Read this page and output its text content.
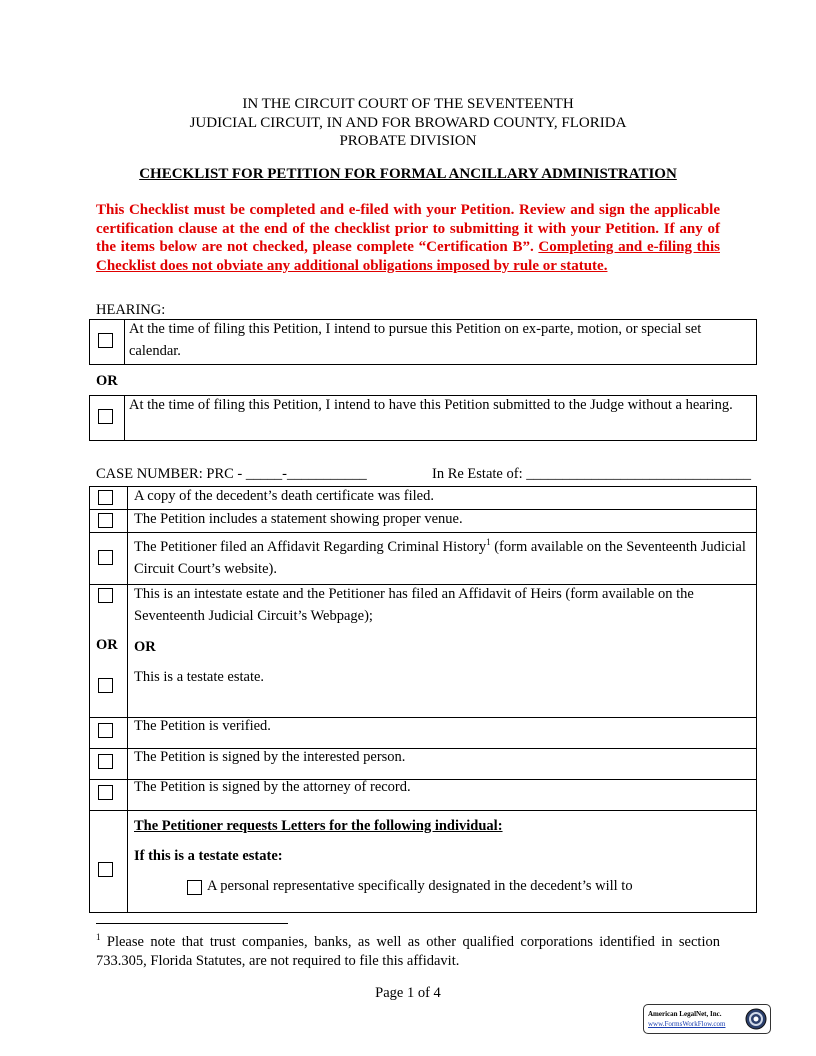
IN THE CIRCUIT COURT OF THE SEVENTEENTH
JUDICIAL CIRCUIT, IN AND FOR BROWARD COUNTY, FLORIDA
PROBATE DIVISION
CHECKLIST FOR PETITION FOR FORMAL ANCILLARY ADMINISTRATION
This Checklist must be completed and e-filed with your Petition. Review and sign the applicable certification clause at the end of the checklist prior to submitting it with your Petition. If any of the items below are not checked, please complete “Certification B”. Completing and e-filing this Checklist does not obviate any additional obligations imposed by rule or statute.
HEARING:
At the time of filing this Petition, I intend to pursue this Petition on ex-parte, motion, or special set calendar.
OR
At the time of filing this Petition, I intend to have this Petition submitted to the Judge without a hearing.
CASE NUMBER: PRC - _____-___________	In Re Estate of: _______________________________
A copy of the decedent’s death certificate was filed.
The Petition includes a statement showing proper venue.
The Petitioner filed an Affidavit Regarding Criminal History$^1$ (form available on the Seventeenth Judicial Circuit Court’s website).
This is an intestate estate and the Petitioner has filed an Affidavit of Heirs (form available on the Seventeenth Judicial Circuit’s Webpage);
OR OR
This is a testate estate.
The Petition is verified.
The Petition is signed by the interested person.
The Petition is signed by the attorney of record.
The Petitioner requests Letters for the following individual:
If this is a testate estate:
A personal representative specifically designated in the decedent’s will to
$^1$ Please note that trust companies, banks, as well as other qualified corporations identified in section 733.305, Florida Statutes, are not required to file this affidavit.
Page 1 of 4
American LegalNet, Inc.
www.FormsWorkFlow.com
